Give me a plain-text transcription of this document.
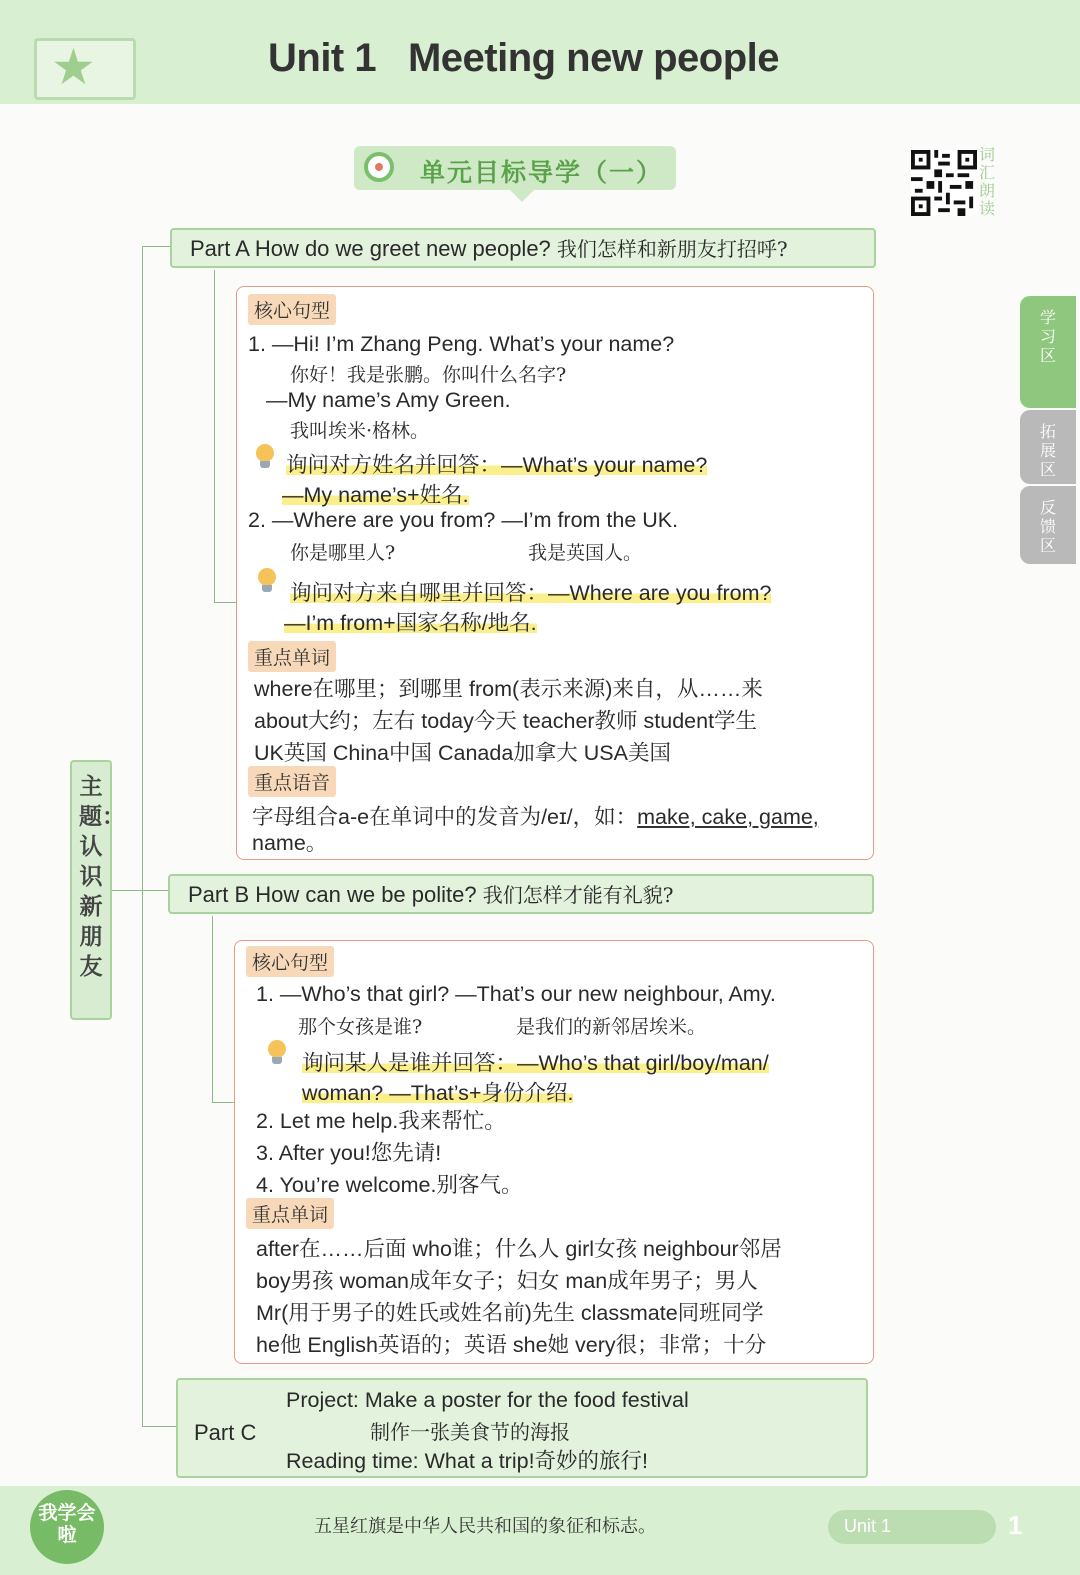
★	Unit 1   Meeting new people
单元目标导学（一）
词汇朗读
学习区
拓展区
反馈区
主题：认识新朋友
Part A How do we greet new people? 我们怎样和新朋友打招呼?
核心句型
1. —Hi! I’m Zhang Peng. What’s your name?
你好！我是张鹏。你叫什么名字?
—My name’s Amy Green.
我叫埃米·格林。
询问对方姓名并回答：—What’s your name?
—My name’s+姓名.
2. —Where are you from? —I’m from the UK.
你是哪里人?	我是英国人。
询问对方来自哪里并回答：—Where are you from?
—I’m from+国家名称/地名.
重点单词
where在哪里；到哪里 from(表示来源)来自，从……来
about大约；左右 today今天 teacher教师 student学生
UK英国 China中国 Canada加拿大 USA美国
重点语音
字母组合a-e在单词中的发音为/eɪ/，如：make, cake, game,
name。
Part B How can we be polite? 我们怎样才能有礼貌?
核心句型
1. —Who’s that girl? —That’s our new neighbour, Amy.
那个女孩是谁?	是我们的新邻居埃米。
询问某人是谁并回答：—Who’s that girl/boy/man/
woman? —That’s+身份介绍.
2. Let me help.我来帮忙。
3. After you!您先请!
4. You’re welcome.别客气。
重点单词
after在……后面 who谁；什么人 girl女孩 neighbour邻居
boy男孩 woman成年女子；妇女 man成年男子；男人
Mr(用于男子的姓氏或姓名前)先生 classmate同班同学
he他 English英语的；英语 she她 very很；非常；十分
Part C
Project: Make a poster for the food festival
制作一张美食节的海报
Reading time: What a trip!奇妙的旅行!
我学会啦	五星红旗是中华人民共和国的象征和标志。	Unit 1	1
